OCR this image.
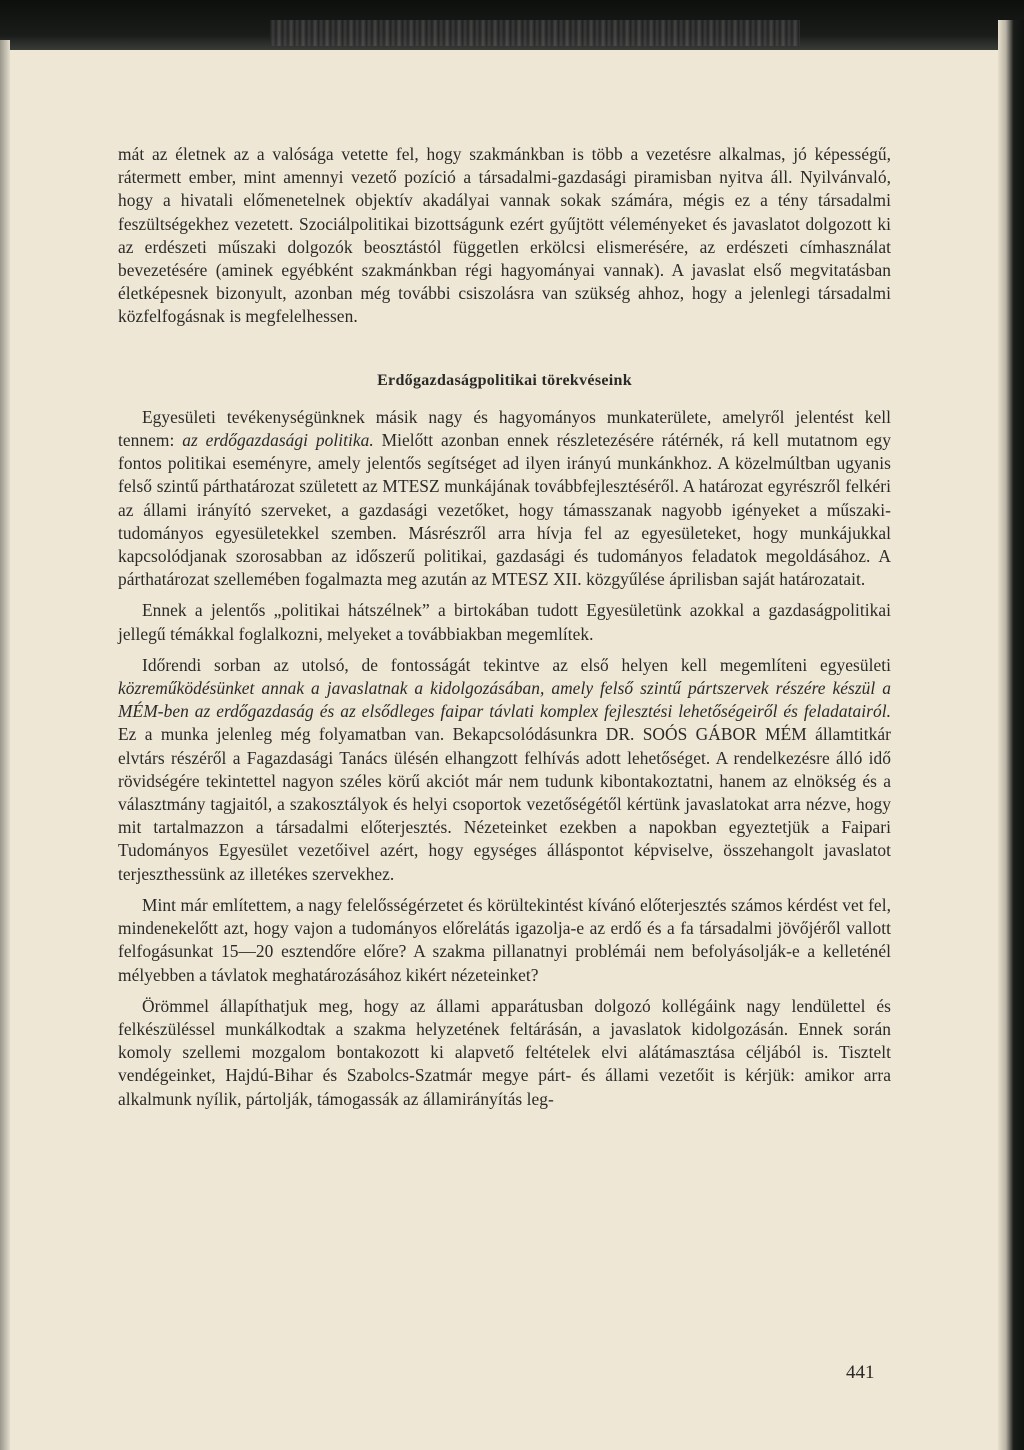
mát az életnek az a valósága vetette fel, hogy szakmánkban is több a vezetésre alkalmas, jó képességű, rátermett ember, mint amennyi vezető pozíció a társadalmi-gazdasági piramisban nyitva áll. Nyilvánvaló, hogy a hivatali előmenetelnek objektív akadályai vannak sokak számára, mégis ez a tény társadalmi feszültségekhez vezetett. Szociálpolitikai bizottságunk ezért gyűjtött véleményeket és javaslatot dolgozott ki az erdészeti műszaki dolgozók beosztástól független erkölcsi elismerésére, az erdészeti címhasználat bevezetésére (aminek egyébként szakmánkban régi hagyományai vannak). A javaslat első megvitatásban életképesnek bizonyult, azonban még további csiszolásra van szükség ahhoz, hogy a jelenlegi társadalmi közfelfogásnak is megfelelhessen.

Erdőgazdaságpolitikai törekvéseink

Egyesületi tevékenységünknek másik nagy és hagyományos munkaterülete, amelyről jelentést kell tennem: az erdőgazdasági politika. Mielőtt azonban ennek részletezésére rátérnék, rá kell mutatnom egy fontos politikai eseményre, amely jelentős segítséget ad ilyen irányú munkánkhoz. A közelmúltban ugyanis felső szintű párthatározat született az MTESZ munkájának továbbfejlesztéséről. A határozat egyrészről felkéri az állami irányító szerveket, a gazdasági vezetőket, hogy támasszanak nagyobb igényeket a műszaki-tudományos egyesületekkel szemben. Másrészről arra hívja fel az egyesületeket, hogy munkájukkal kapcsolódjanak szorosabban az időszerű politikai, gazdasági és tudományos feladatok megoldásához. A párthatározat szellemében fogalmazta meg azután az MTESZ XII. közgyűlése áprilisban saját határozatait.

Ennek a jelentős „politikai hátszélnek” a birtokában tudott Egyesületünk azokkal a gazdaságpolitikai jellegű témákkal foglalkozni, melyeket a továbbiakban megemlítek.

Időrendi sorban az utolsó, de fontosságát tekintve az első helyen kell megemlíteni egyesületi közreműködésünket annak a javaslatnak a kidolgozásában, amely felső szintű pártszervek részére készül a MÉM-ben az erdőgazdaság és az elsődleges faipar távlati komplex fejlesztési lehetőségeiről és feladatairól. Ez a munka jelenleg még folyamatban van. Bekapcsolódásunkra DR. SOÓS GÁBOR MÉM államtitkár elvtárs részéről a Fagazdasági Tanács ülésén elhangzott felhívás adott lehetőséget. A rendelkezésre álló idő rövidségére tekintettel nagyon széles körű akciót már nem tudunk kibontakoztatni, hanem az elnökség és a választmány tagjaitól, a szakosztályok és helyi csoportok vezetőségétől kértünk javaslatokat arra nézve, hogy mit tartalmazzon a társadalmi előterjesztés. Nézeteinket ezekben a napokban egyeztetjük a Faipari Tudományos Egyesület vezetőivel azért, hogy egységes álláspontot képviselve, összehangolt javaslatot terjeszthessünk az illetékes szervekhez.

Mint már említettem, a nagy felelősségérzetet és körültekintést kívánó előterjesztés számos kérdést vet fel, mindenekelőtt azt, hogy vajon a tudományos előrelátás igazolja-e az erdő és a fa társadalmi jövőjéről vallott felfogásunkat 15—20 esztendőre előre? A szakma pillanatnyi problémái nem befolyásolják-e a kelleténél mélyebben a távlatok meghatározásához kikért nézeteinket?

Örömmel állapíthatjuk meg, hogy az állami apparátusban dolgozó kollégáink nagy lendülettel és felkészüléssel munkálkodtak a szakma helyzetének feltárásán, a javaslatok kidolgozásán. Ennek során komoly szellemi mozgalom bontakozott ki alapvető feltételek elvi alátámasztása céljából is. Tisztelt vendégeinket, Hajdú-Bihar és Szabolcs-Szatmár megye párt- és állami vezetőit is kérjük: amikor arra alkalmunk nyílik, pártolják, támogassák az államirányítás leg-

441
